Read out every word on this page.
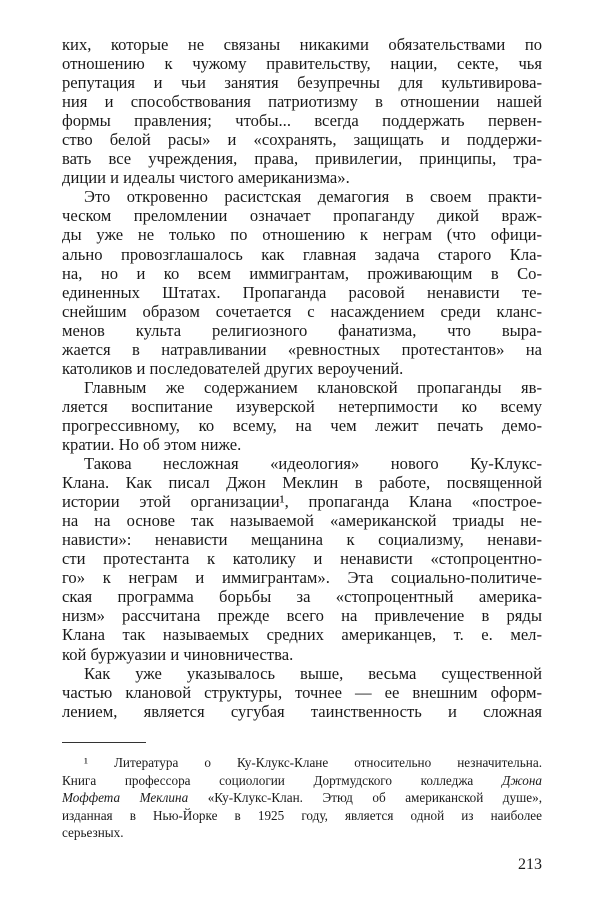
ких, которые не связаны никакими обязательствами по
отношению к чужому правительству, нации, секте, чья
репутация и чьи занятия безупречны для культивирова-
ния и способствования патриотизму в отношении нашей
формы правления; чтобы... всегда поддержать первен-
ство белой расы» и «сохранять, защищать и поддержи-
вать все учреждения, права, привилегии, принципы, тра-
диции и идеалы чистого американизма».
Это откровенно расистская демагогия в своем практи-
ческом преломлении означает пропаганду дикой враж-
ды уже не только по отношению к неграм (что офици-
ально провозглашалось как главная задача старого Кла-
на, но и ко всем иммигрантам, проживающим в Со-
единенных Штатах. Пропаганда расовой ненависти те-
снейшим образом сочетается с насаждением среди кланс-
менов культа религиозного фанатизма, что выра-
жается в натравливании «ревностных протестантов» на
католиков и последователей других вероучений.
Главным же содержанием клановской пропаганды яв-
ляется воспитание изуверской нетерпимости ко всему
прогрессивному, ко всему, на чем лежит печать демо-
кратии. Но об этом ниже.
Такова несложная «идеология» нового Ку-Клукс-
Клана. Как писал Джон Меклин в работе, посвященной
истории этой организации¹, пропаганда Клана «построе-
на на основе так называемой «американской триады не-
нависти»: ненависти мещанина к социализму, ненави-
сти протестанта к католику и ненависти «стопроцентно-
го» к неграм и иммигрантам». Эта социально-политиче-
ская программа борьбы за «стопроцентный америка-
низм» рассчитана прежде всего на привлечение в ряды
Клана так называемых средних американцев, т. е. мел-
кой буржуазии и чиновничества.
Как уже указывалось выше, весьма существенной
частью клановой структуры, точнее — ее внешним оформ-
лением, является сугубая таинственность и сложная
¹ Литература о Ку-Клукс-Клане относительно незначительна.
Книга профессора социологии Дортмудского колледжа Джона
Моффета Меклина «Ку-Клукс-Клан. Этюд об американской душе»,
изданная в Нью-Йорке в 1925 году, является одной из наиболее
серьезных.
213
